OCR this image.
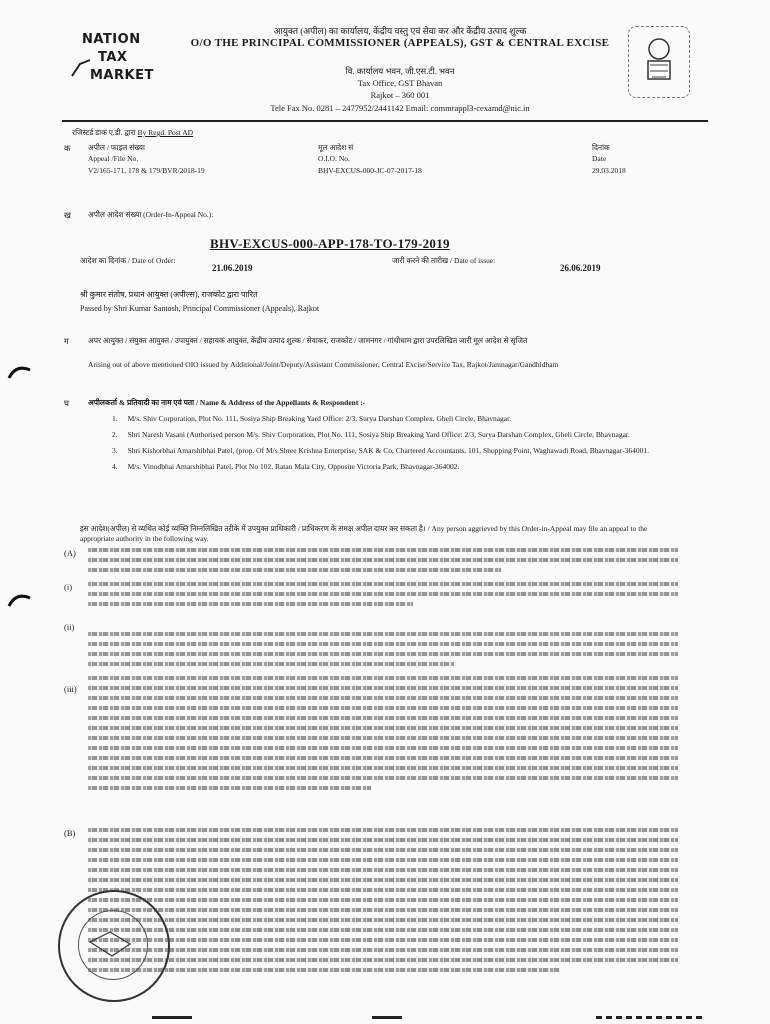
NATION
TAX
MARKET
आयुक्त (अपील) का कार्यालय, केंद्रीय वस्तु एवं सेवा कर और केंद्रीय उत्पाद शुल्क
O/O THE PRINCIPAL COMMISSIONER (APPEALS), GST & CENTRAL EXCISE
वि. कार्यालय भवन, जी.एस.टी. भवन
Tax Office, GST Bhavan
Rajkot – 360 001
Tele Fax No. 0281 – 2477952/2441142 Email: commrappl3-cexamd@nic.in
रजिस्टर्ड डाक ए.डी. द्वारा By Regd. Post AD
क अपील / फाइल संख्या
Appeal /File No.
V2/165-171, 178 & 179/BVR/2018-19
मूल आदेश सं
O.I.O. No.
BHV-EXCUS-000-JC-07-2017-18
दिनांक
Date
29.03.2018
ख अपील आदेश संख्या (Order-In-Appeal No.):
BHV-EXCUS-000-APP-178-TO-179-2019
आदेश का दिनांक / Date of Order:
21.06.2019
जारी करने की तारीख / Date of issue:
26.06.2019
श्री कुमार संतोष, प्रधान आयुक्त (अपील्स), राजकोट द्वारा पारित
Passed by Shri Kumar Santosh, Principal Commissioner (Appeals), Rajkot
ग	अपर आयुक्त / संयुक्त आयुक्त / उपायुक्त / सहायक आयुक्त, केंद्रीय उत्पाद शुल्क / सेवाकर, राजकोट / जामनगर / गांधीधाम द्वारा उपरलिखित जारी मूल आदेश से सृजित
Arising out of above mentioned OIO issued by Additional/Joint/Deputy/Assistant Commissioner, Central Excise/Service Tax, Rajkot/Jamnagar/Gandhidham
घ	अपीलकर्ता & प्रतिवादी का नाम एवं पता / Name & Address of the Appellants & Respondent :-
1. M/s. Shiv Corporation, Plot No. 111, Sosiya Ship Breaking Yard Office: 2/3, Surya Darshan Complex, Gheli Circle, Bhavnagar.
2. Shri Naresh Vasani (Authorised person M/s. Shiv Corporation, Plot No. 111, Sosiya Ship Breaking Yard Office: 2/3, Surya Darshan Complex, Gheli Circle, Bhavnagar.
3. Shri Kishorbhai Amarshibhai Patel, (prop. Of M/s Shree Krishna Enterprise, SAK & Co, Chartered Accountants, 101, Shopping Point, Waghawadi Road, Bhavnagar-364001.
4. M/s. Vinodbhai Amarshibhai Patel, Plot No 102, Ratan Mala City, Opposite Victoria Park, Bhavnagar-364002.
इस आदेश(अपील) से व्यथित कोई व्यक्ति निम्नलिखित तरीके में उपयुक्त प्राधिकारी / प्राधिकरण के समक्ष अपील दायर कर सकता है। / Any person aggrieved by this Order-in-Appeal may file an appeal to the appropriate authority in the following way.
(A)
(i)
(ii)
(iii)
(B)
